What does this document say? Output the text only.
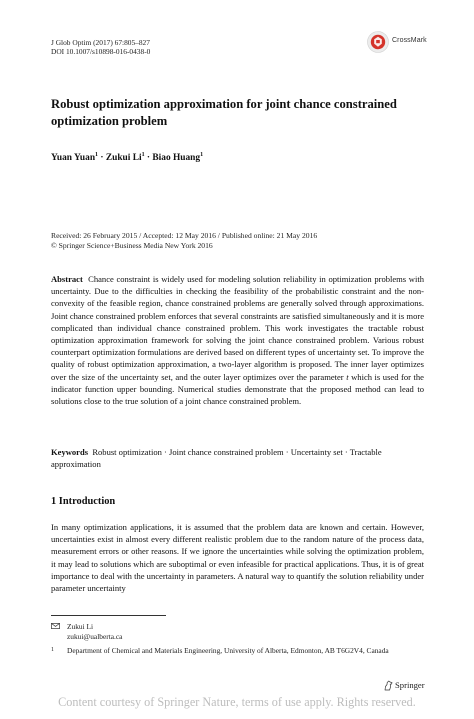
J Glob Optim (2017) 67:805–827
DOI 10.1007/s10898-016-0438-0
CrossMark
Robust optimization approximation for joint chance constrained optimization problem
Yuan Yuan$^1$ · Zukui $Li^1$ · Biao Huang$^1$
Received: 26 February 2015 / Accepted: 12 May 2016 / Published online: 21 May 2016
© Springer Science+Business Media New York 2016
Abstract Chance constraint is widely used for modeling solution reliability in optimization problems with uncertainty. Due to the difficulties in checking the feasibility of the probabilistic constraint and the non-convexity of the feasible region, chance constrained problems are generally solved through approximations. Joint chance constrained problem enforces that several constraints are satisfied simultaneously and it is more complicated than individual chance constrained problem. This work investigates the tractable robust optimization approximation framework for solving the joint chance constrained problem. Various robust counterpart optimization formulations are derived based on different types of uncertainty set. To improve the quality of robust optimization approximation, a two-layer algorithm is proposed. The inner layer optimizes over the size of the uncertainty set, and the outer layer optimizes over the parameter t which is used for the indicator function upper bounding. Numerical studies demonstrate that the proposed method can lead to solutions close to the true solution of a joint chance constrained problem.
Keywords Robust optimization · Joint chance constrained problem · Uncertainty set · Tractable approximation
1 Introduction
In many optimization applications, it is assumed that the problem data are known and certain. However, uncertainties exist in almost every different realistic problem due to the random nature of the process data, measurement errors or other reasons. If we ignore the uncertainties while solving the optimization problem, it may lead to solutions which are suboptimal or even infeasible for practical applications. Thus, it is of great importance to deal with the uncertainty in parameters. A natural way to quantify the solution reliability under parameter uncertainty
Zukui Li
zukui@ualberta.ca
1	Department of Chemical and Materials Engineering, University of Alberta, Edmonton, AB T6G2V4, Canada
Springer
Content courtesy of Springer Nature, terms of use apply. Rights reserved.
